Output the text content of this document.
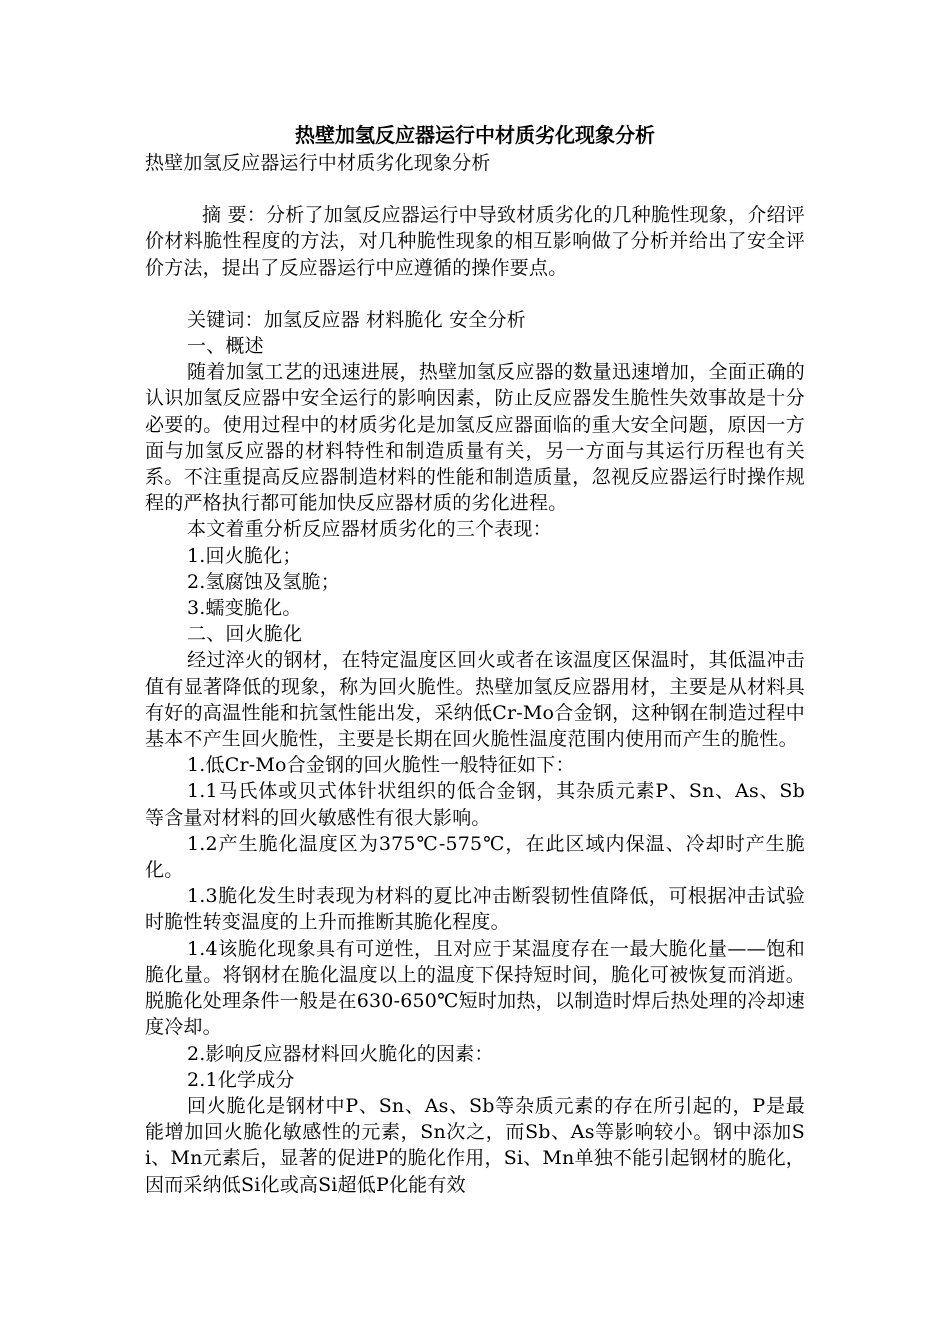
热壁加氢反应器运行中材质劣化现象分析

热壁加氢反应器运行中材质劣化现象分析

摘 要：分析了加氢反应器运行中导致材质劣化的几种脆性现象，介绍评价材料脆性程度的方法，对几种脆性现象的相互影响做了分析并给出了安全评价方法，提出了反应器运行中应遵循的操作要点。

关键词：加氢反应器 材料脆化 安全分析

一、概述

随着加氢工艺的迅速进展，热壁加氢反应器的数量迅速增加，全面正确的认识加氢反应器中安全运行的影响因素，防止反应器发生脆性失效事故是十分必要的。使用过程中的材质劣化是加氢反应器面临的重大安全问题，原因一方面与加氢反应器的材料特性和制造质量有关，另一方面与其运行历程也有关系。不注重提高反应器制造材料的性能和制造质量，忽视反应器运行时操作规程的严格执行都可能加快反应器材质的劣化进程。

本文着重分析反应器材质劣化的三个表现：

1.回火脆化；

2.氢腐蚀及氢脆；

3.蠕变脆化。

二、回火脆化

经过淬火的钢材，在特定温度区回火或者在该温度区保温时，其低温冲击值有显著降低的现象，称为回火脆性。热壁加氢反应器用材，主要是从材料具有好的高温性能和抗氢性能出发，采纳低Cr-Mo合金钢，这种钢在制造过程中基本不产生回火脆性，主要是长期在回火脆性温度范围内使用而产生的脆性。

1.低Cr-Mo合金钢的回火脆性一般特征如下：

1.1马氏体或贝式体针状组织的低合金钢，其杂质元素P、Sn、As、Sb等含量对材料的回火敏感性有很大影响。

1.2产生脆化温度区为375℃-575℃，在此区域内保温、冷却时产生脆化。

1.3脆化发生时表现为材料的夏比冲击断裂韧性值降低，可根据冲击试验时脆性转变温度的上升而推断其脆化程度。

1.4该脆化现象具有可逆性，且对应于某温度存在一最大脆化量——饱和脆化量。将钢材在脆化温度以上的温度下保持短时间，脆化可被恢复而消逝。脱脆化处理条件一般是在630-650℃短时加热，以制造时焊后热处理的冷却速度冷却。

2.影响反应器材料回火脆化的因素：

2.1化学成分

回火脆化是钢材中P、Sn、As、Sb等杂质元素的存在所引起的，P是最能增加回火脆化敏感性的元素，Sn次之，而Sb、As等影响较小。钢中添加Si、Mn元素后，显著的促进P的脆化作用，Si、Mn单独不能引起钢材的脆化，因而采纳低Si化或高Si超低P化能有效
